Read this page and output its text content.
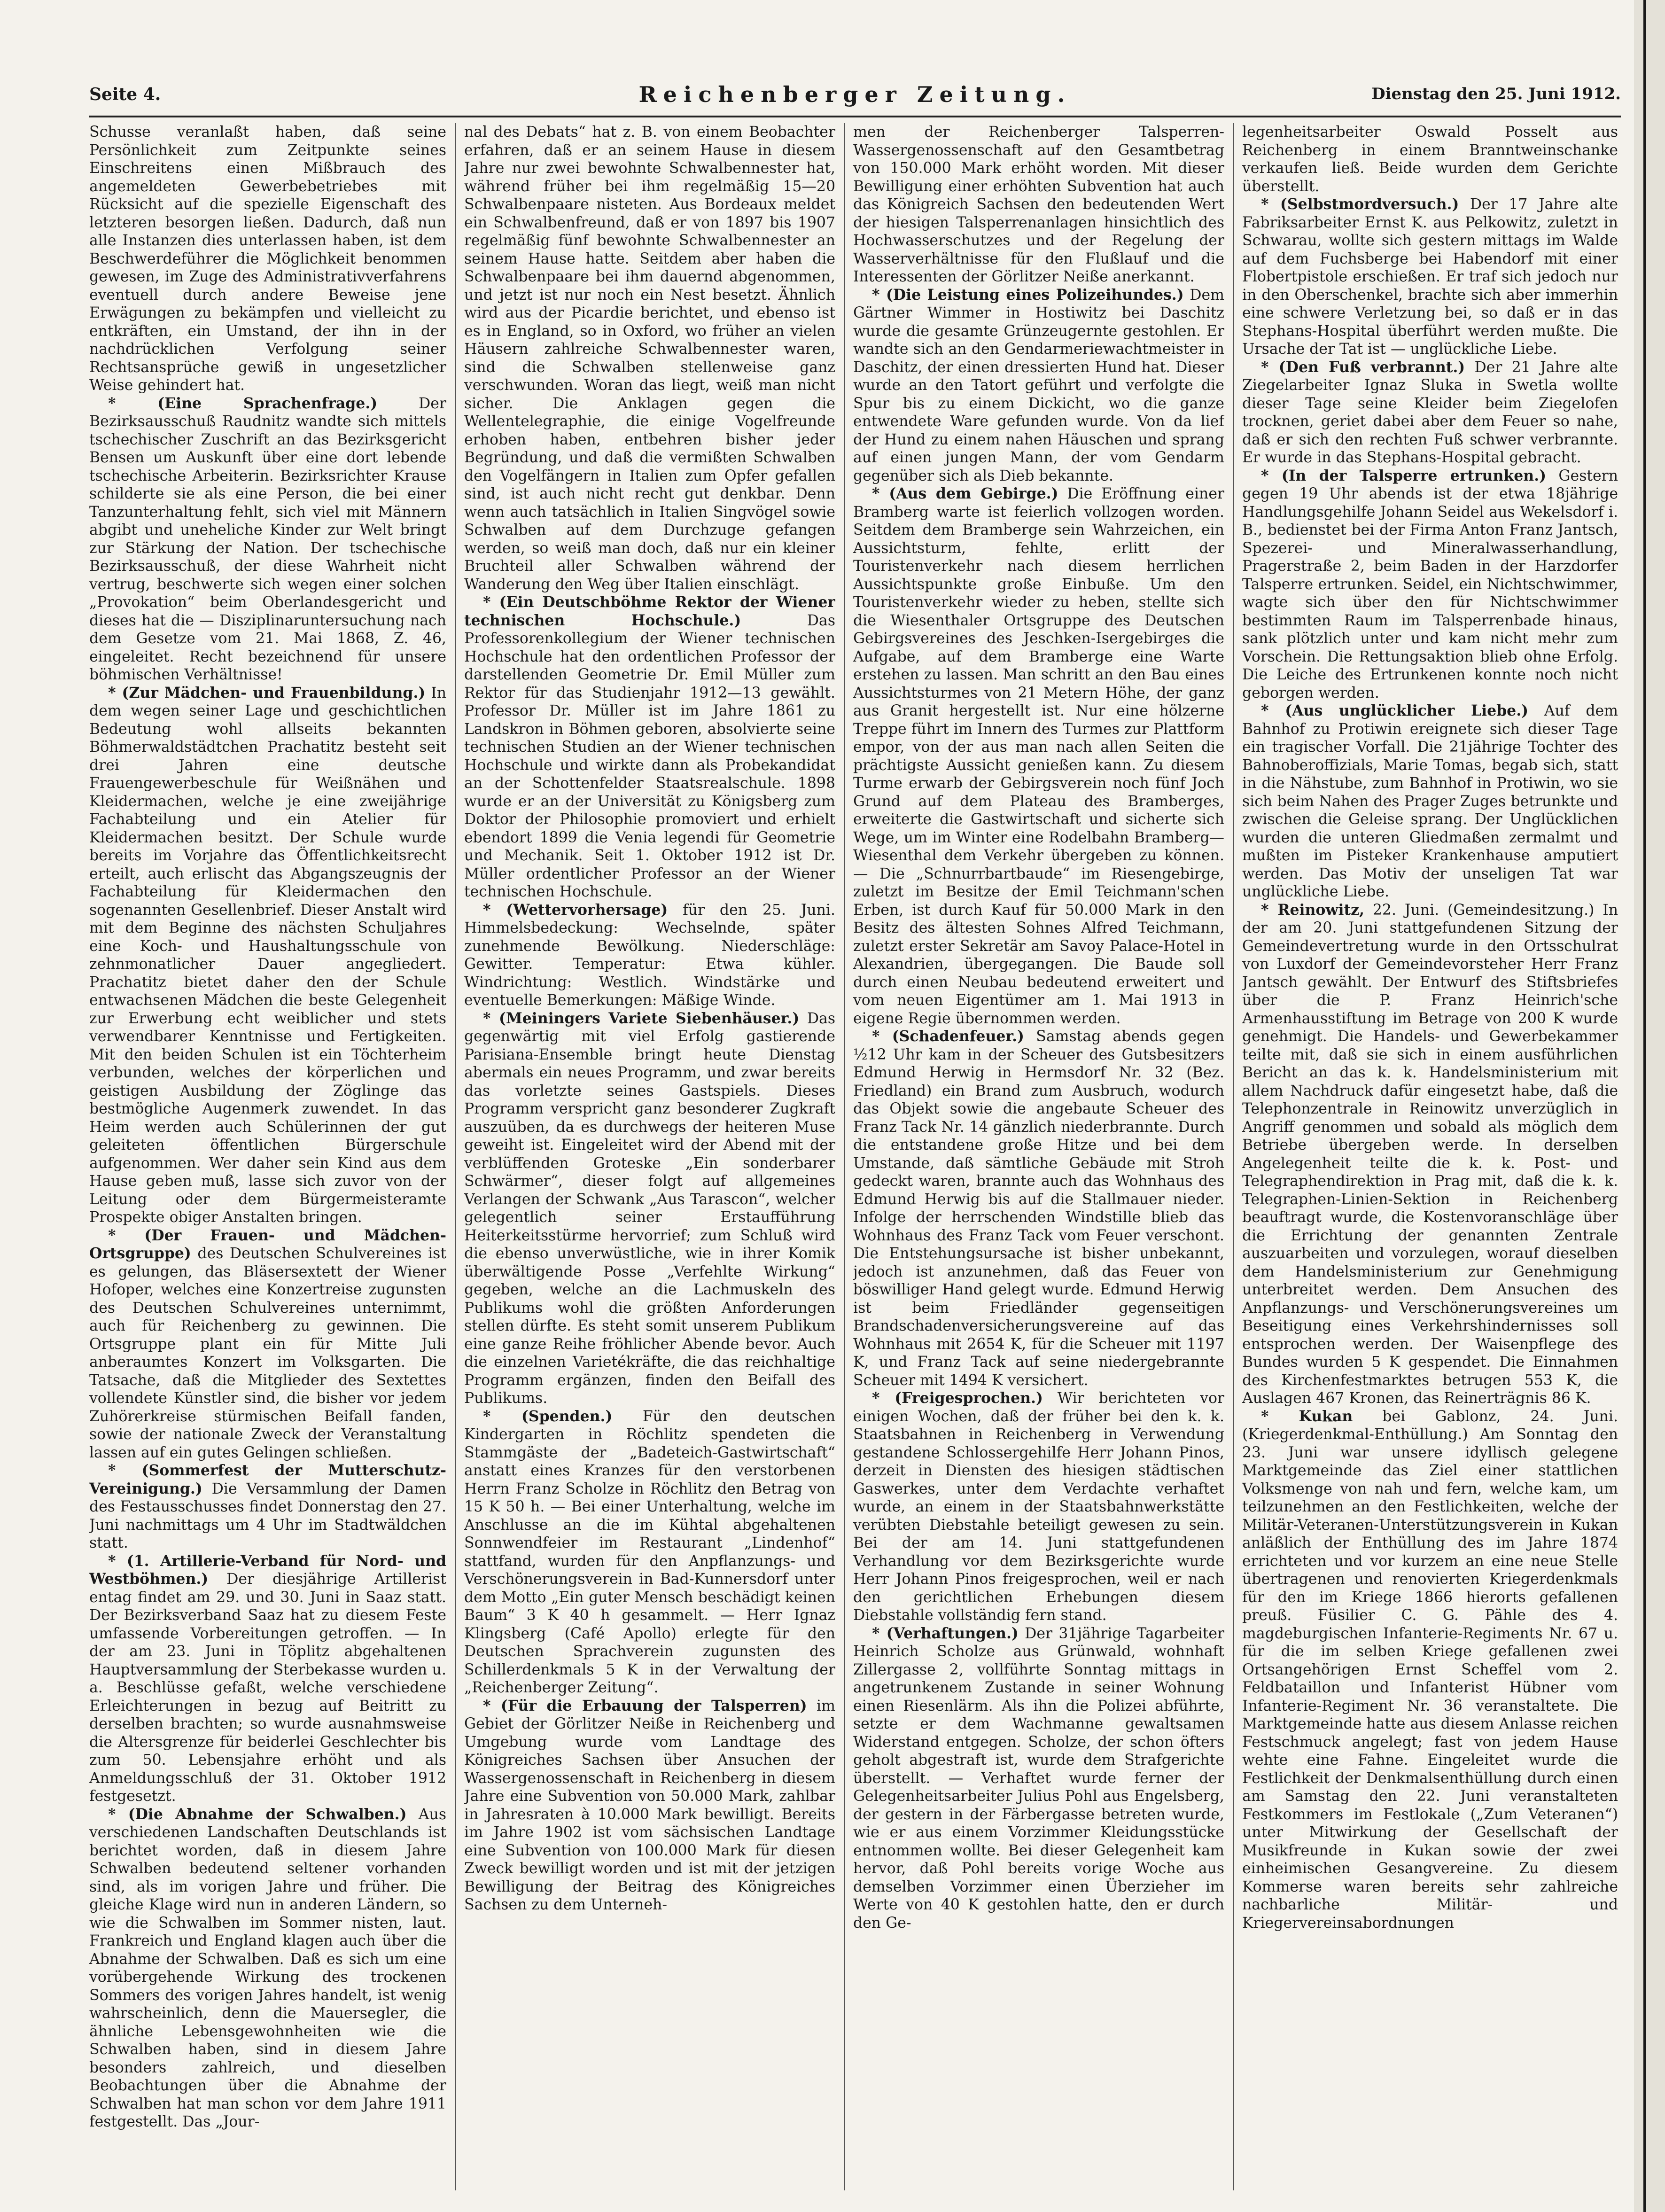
Seite 4.	Reichenberger Zeitung.	Dienstag den 25. Juni 1912.

Schusse veranlaßt haben, daß seine Persönlichkeit zum Zeitpunkte seines Einschreitens einen Mißbrauch des angemeldeten Gewerbebetriebes mit Rücksicht auf die spezielle Eigenschaft des letzteren besorgen ließen. Dadurch, daß nun alle Instanzen dies unterlassen haben, ist dem Beschwerdeführer die Möglichkeit benommen gewesen, im Zuge des Administrativverfahrens eventuell durch andere Beweise jene Erwägungen zu bekämpfen und vielleicht zu entkräften, ein Umstand, der ihn in der nachdrücklichen Verfolgung seiner Rechtsansprüche gewiß in ungesetzlicher Weise gehindert hat.

* (Eine Sprachenfrage.)	Der Bezirksausschuß Raudnitz wandte sich mittels tschechischer Zuschrift an das Bezirksgericht Bensen um Auskunft über eine dort lebende tschechische Arbeiterin. Bezirksrichter Krause schilderte sie als eine Person, die bei einer Tanzunterhaltung fehlt, sich viel mit Männern abgibt und uneheliche Kinder zur Welt bringt zur Stärkung der Nation. Der tschechische Bezirksausschuß, der diese Wahrheit nicht vertrug, beschwerte sich wegen einer solchen „Provokation“ beim Oberlandesgericht und dieses hat die — Disziplinaruntersuchung nach dem Gesetze vom 21. Mai 1868, Z. 46, eingeleitet. Recht bezeichnend für unsere böhmischen Verhältnisse!

* (Zur Mädchen- und Frauenbildung.) In dem wegen seiner Lage und geschichtlichen Bedeutung wohl allseits bekannten Böhmerwaldstädtchen Prachatitz besteht seit drei Jahren eine deutsche Frauengewerbeschule für Weißnähen und Kleidermachen, welche je eine zweijährige Fachabteilung und ein Atelier für Kleidermachen besitzt. Der Schule wurde bereits im Vorjahre das Öffentlichkeitsrecht erteilt, auch erlischt das Abgangszeugnis der Fachabteilung für Kleidermachen den sogenannten Gesellenbrief. Dieser Anstalt wird mit dem Beginne des nächsten Schuljahres eine Koch- und Haushaltungsschule von zehnmonatlicher Dauer angegliedert. Prachatitz bietet daher den der Schule entwachsenen Mädchen die beste Gelegenheit zur Erwerbung echt weiblicher und stets verwendbarer Kenntnisse und Fertigkeiten. Mit den beiden Schulen ist ein Töchterheim verbunden, welches der körperlichen und geistigen Ausbildung der Zöglinge das bestmögliche Augenmerk zuwendet. In das Heim werden auch Schülerinnen der gut geleiteten öffentlichen Bürgerschule aufgenommen. Wer daher sein Kind aus dem Hause geben muß, lasse sich zuvor von der Leitung oder dem Bürgermeisteramte Prospekte obiger Anstalten bringen.

* (Der Frauen- und Mädchen-Ortsgruppe) des Deutschen Schulvereines ist es gelungen, das Bläsersextett der Wiener Hofoper, welches eine Konzertreise zugunsten des Deutschen Schulvereines unternimmt, auch für Reichenberg zu gewinnen. Die Ortsgruppe plant ein für Mitte Juli anberaumtes Konzert im Volksgarten. Die Tatsache, daß die Mitglieder des Sextettes vollendete Künstler sind, die bisher vor jedem Zuhörerkreise stürmischen Beifall fanden, sowie der nationale Zweck der Veranstaltung lassen auf ein gutes Gelingen schließen.

* (Sommerfest der Mutterschutz-Vereinigung.) Die Versammlung der Damen des Festausschusses findet Donnerstag den 27. Juni nachmittags um 4 Uhr im Stadtwäldchen statt.

* (1. Artillerie-Verband für Nord- und Westböhmen.) Der diesjährige Artillerist entag findet am 29. und 30. Juni in Saaz statt. Der Bezirksverband Saaz hat zu diesem Feste umfassende Vorbereitungen getroffen. — In der am 23. Juni in Töplitz abgehaltenen Hauptversammlung der Sterbekasse wurden u. a. Beschlüsse gefaßt, welche verschiedene Erleichterungen in bezug auf Beitritt zu derselben brachten; so wurde ausnahmsweise die Altersgrenze für beiderlei Geschlechter bis zum 50. Lebensjahre erhöht und als Anmeldungsschluß der 31. Oktober 1912 festgesetzt.

* (Die Abnahme der Schwalben.) Aus verschiedenen Landschaften Deutschlands ist berichtet worden, daß in diesem Jahre Schwalben bedeutend seltener vorhanden sind, als im vorigen Jahre und früher. Die gleiche Klage wird nun in anderen Ländern, so wie die Schwalben im Sommer nisten, laut. Frankreich und England klagen auch über die Abnahme der Schwalben. Daß es sich um eine vorübergehende Wirkung des trockenen Sommers des vorigen Jahres handelt, ist wenig wahrscheinlich, denn die Mauersegler, die ähnliche Lebensgewohnheiten wie die Schwalben haben, sind in diesem Jahre besonders zahlreich, und dieselben Beobachtungen über die Abnahme der Schwalben hat man schon vor dem Jahre 1911 festgestellt. Das „Jour-

nal des Debats“ hat z. B. von einem Beobachter erfahren, daß er an seinem Hause in diesem Jahre nur zwei bewohnte Schwalbennester hat, während früher bei ihm regelmäßig 15—20 Schwalbenpaare nisteten. Aus Bordeaux meldet ein Schwalbenfreund, daß er von 1897 bis 1907 regelmäßig fünf bewohnte Schwalbennester an seinem Hause hatte. Seitdem aber haben die Schwalbenpaare bei ihm dauernd abgenommen, und jetzt ist nur noch ein Nest besetzt. Ähnlich wird aus der Picardie berichtet, und ebenso ist es in England, so in Oxford, wo früher an vielen Häusern zahlreiche Schwalbennester waren, sind die Schwalben stellenweise ganz verschwunden. Woran das liegt, weiß man nicht sicher. Die Anklagen gegen die Wellentelegraphie, die einige Vogelfreunde erhoben haben, entbehren bisher jeder Begründung, und daß die vermißten Schwalben den Vogelfängern in Italien zum Opfer gefallen sind, ist auch nicht recht gut denkbar. Denn wenn auch tatsächlich in Italien Singvögel sowie Schwalben auf dem Durchzuge gefangen werden, so weiß man doch, daß nur ein kleiner Bruchteil aller Schwalben während der Wanderung den Weg über Italien einschlägt.

* (Ein Deutschböhme Rektor der Wiener technischen Hochschule.)	Das Professorenkollegium der Wiener technischen Hochschule hat den ordentlichen Professor der darstellenden Geometrie Dr. Emil Müller zum Rektor für das Studienjahr 1912—13 gewählt. Professor Dr. Müller ist im Jahre 1861 zu Landskron in Böhmen geboren, absolvierte seine technischen Studien an der Wiener technischen Hochschule und wirkte dann als Probekandidat an der Schottenfelder Staatsrealschule. 1898 wurde er an der Universität zu Königsberg zum Doktor der Philosophie promoviert und erhielt ebendort 1899 die Venia legendi für Geometrie und Mechanik. Seit 1. Oktober 1912 ist Dr. Müller ordentlicher Professor an der Wiener technischen Hochschule.

* (Wettervorhersage) für den 25. Juni. Himmelsbedeckung: Wechselnde, später zunehmende Bewölkung. Niederschläge: Gewitter. Temperatur: Etwa kühler. Windrichtung: Westlich. Windstärke und eventuelle Bemerkungen: Mäßige Winde.

* (Meiningers Variete Siebenhäuser.) Das gegenwärtig mit viel Erfolg gastierende Parisiana-Ensemble bringt heute Dienstag abermals ein neues Programm, und zwar bereits das vorletzte seines Gastspiels. Dieses Programm verspricht ganz besonderer Zugkraft auszuüben, da es durchwegs der heiteren Muse geweiht ist. Eingeleitet wird der Abend mit der verblüffenden Groteske „Ein sonderbarer Schwärmer“, dieser folgt auf allgemeines Verlangen der Schwank „Aus Tarascon“, welcher gelegentlich seiner Erstaufführung Heiterkeitsstürme hervorrief; zum Schluß wird die ebenso unverwüstliche, wie in ihrer Komik überwältigende Posse „Verfehlte Wirkung“ gegeben, welche an die Lachmuskeln des Publikums wohl die größten Anforderungen stellen dürfte. Es steht somit unserem Publikum eine ganze Reihe fröhlicher Abende bevor. Auch die einzelnen Varietékräfte, die das reichhaltige Programm ergänzen, finden den Beifall des Publikums.

* (Spenden.) Für den deutschen Kindergarten in Röchlitz spendeten die Stammgäste der „Badeteich-Gastwirtschaft“ anstatt eines Kranzes für den verstorbenen Herrn Franz Scholze in Röchlitz den Betrag von 15 K 50 h. — Bei einer Unterhaltung, welche im Anschlusse an die im Kühtal abgehaltenen Sonnwendfeier im Restaurant „Lindenhof“ stattfand, wurden für den Anpflanzungs- und Verschönerungsverein in Bad-Kunnersdorf unter dem Motto „Ein guter Mensch beschädigt keinen Baum“ 3 K 40 h gesammelt. — Herr Ignaz Klingsberg (Café Apollo) erlegte für den Deutschen Sprachverein zugunsten des Schillerdenkmals 5 K in der Verwaltung der „Reichenberger Zeitung“.

* (Für die Erbauung der Talsperren) im Gebiet der Görlitzer Neiße in Reichenberg und Umgebung wurde vom Landtage des Königreiches Sachsen über Ansuchen der Wassergenossenschaft in Reichenberg in diesem Jahre eine Subvention von 50.000 Mark, zahlbar in Jahresraten à 10.000 Mark bewilligt. Bereits im Jahre 1902 ist vom sächsischen Landtage eine Subvention von 100.000 Mark für diesen Zweck bewilligt worden und ist mit der jetzigen Bewilligung der Beitrag des Königreiches Sachsen zu dem Unterneh-

men der Reichenberger Talsperren-Wassergenossenschaft auf den Gesamtbetrag von 150.000 Mark erhöht worden. Mit dieser Bewilligung einer erhöhten Subvention hat auch das Königreich Sachsen den bedeutenden Wert der hiesigen Talsperrenanlagen hinsichtlich des Hochwasserschutzes und der Regelung der Wasserverhältnisse für den Flußlauf und die Interessenten der Görlitzer Neiße anerkannt.

* (Die Leistung eines Polizeihundes.) Dem Gärtner Wimmer in Hostiwitz bei Daschitz wurde die gesamte Grünzeugernte gestohlen. Er wandte sich an den Gendarmeriewachtmeister in Daschitz, der einen dressierten Hund hat. Dieser wurde an den Tatort geführt und verfolgte die Spur bis zu einem Dickicht, wo die ganze entwendete Ware gefunden wurde. Von da lief der Hund zu einem nahen Häuschen und sprang auf einen jungen Mann, der vom Gendarm gegenüber sich als Dieb bekannte.

* (Aus dem Gebirge.) Die Eröffnung einer Bramberg warte ist feierlich vollzogen worden. Seitdem dem Bramberge sein Wahrzeichen, ein Aussichtsturm, fehlte, erlitt der Touristenverkehr nach diesem herrlichen Aussichtspunkte große Einbuße. Um den Touristenverkehr wieder zu heben, stellte sich die Wiesenthaler Ortsgruppe des Deutschen Gebirgsvereines des Jeschken-Isergebirges die Aufgabe, auf dem Bramberge eine Warte erstehen zu lassen. Man schritt an den Bau eines Aussichtsturmes von 21 Metern Höhe, der ganz aus Granit hergestellt ist. Nur eine hölzerne Treppe führt im Innern des Turmes zur Plattform empor, von der aus man nach allen Seiten die prächtigste Aussicht genießen kann. Zu diesem Turme erwarb der Gebirgsverein noch fünf Joch Grund auf dem Plateau des Bramberges, erweiterte die Gastwirtschaft und sicherte sich Wege, um im Winter eine Rodelbahn Bramberg—Wiesenthal dem Verkehr übergeben zu können. — Die „Schnurrbartbaude“ im Riesengebirge, zuletzt im Besitze der Emil Teichmann'schen Erben, ist durch Kauf für 50.000 Mark in den Besitz des ältesten Sohnes Alfred Teichmann, zuletzt erster Sekretär am Savoy Palace-Hotel in Alexandrien, übergegangen. Die Baude soll durch einen Neubau bedeutend erweitert und vom neuen Eigentümer am 1. Mai 1913 in eigene Regie übernommen werden.

* (Schadenfeuer.) Samstag abends gegen ½12 Uhr kam in der Scheuer des Gutsbesitzers Edmund Herwig in Hermsdorf Nr. 32 (Bez. Friedland) ein Brand zum Ausbruch, wodurch das Objekt sowie die angebaute Scheuer des Franz Tack Nr. 14 gänzlich niederbrannte. Durch die entstandene große Hitze und bei dem Umstande, daß sämtliche Gebäude mit Stroh gedeckt waren, brannte auch das Wohnhaus des Edmund Herwig bis auf die Stallmauer nieder. Infolge der herrschenden Windstille blieb das Wohnhaus des Franz Tack vom Feuer verschont. Die Entstehungsursache ist bisher unbekannt, jedoch ist anzunehmen, daß das Feuer von böswilliger Hand gelegt wurde. Edmund Herwig ist beim Friedländer gegenseitigen Brandschadenversicherungsvereine auf das Wohnhaus mit 2654 K, für die Scheuer mit 1197 K, und Franz Tack auf seine niedergebrannte Scheuer mit 1494 K versichert.

* (Freigesprochen.) Wir berichteten vor einigen Wochen, daß der früher bei den k. k. Staatsbahnen in Reichenberg in Verwendung gestandene Schlossergehilfe Herr Johann Pinos, derzeit in Diensten des hiesigen städtischen Gaswerkes, unter dem Verdachte verhaftet wurde, an einem in der Staatsbahnwerkstätte verübten Diebstahle beteiligt gewesen zu sein. Bei der am 14. Juni stattgefundenen Verhandlung vor dem Bezirksgerichte wurde Herr Johann Pinos freigesprochen, weil er nach den gerichtlichen Erhebungen diesem Diebstahle vollständig fern stand.

* (Verhaftungen.) Der 31jährige Tagarbeiter Heinrich Scholze aus Grünwald, wohnhaft Zillergasse 2, vollführte Sonntag mittags in angetrunkenem Zustande in seiner Wohnung einen Riesenlärm. Als ihn die Polizei abführte, setzte er dem Wachmanne gewaltsamen Widerstand entgegen. Scholze, der schon öfters geholt abgestraft ist, wurde dem Strafgerichte überstellt. — Verhaftet wurde ferner der Gelegenheitsarbeiter Julius Pohl aus Engelsberg, der gestern in der Färbergasse betreten wurde, wie er aus einem Vorzimmer Kleidungsstücke entnommen wollte. Bei dieser Gelegenheit kam hervor, daß Pohl bereits vorige Woche aus demselben Vorzimmer einen Überzieher im Werte von 40 K gestohlen hatte, den er durch den Ge-

legenheitsarbeiter Oswald Posselt aus Reichenberg in einem Branntweinschanke verkaufen ließ. Beide wurden dem Gerichte überstellt.

* (Selbstmordversuch.) Der 17 Jahre alte Fabriksarbeiter Ernst K. aus Pelkowitz, zuletzt in Schwarau, wollte sich gestern mittags im Walde auf dem Fuchsberge bei Habendorf mit einer Flobertpistole erschießen. Er traf sich jedoch nur in den Oberschenkel, brachte sich aber immerhin eine schwere Verletzung bei, so daß er in das Stephans-Hospital überführt werden mußte. Die Ursache der Tat ist — unglückliche Liebe.

* (Den Fuß verbrannt.) Der 21 Jahre alte Ziegelarbeiter Ignaz Sluka in Swetla wollte dieser Tage seine Kleider beim Ziegelofen trocknen, geriet dabei aber dem Feuer so nahe, daß er sich den rechten Fuß schwer verbrannte. Er wurde in das Stephans-Hospital gebracht.

* (In der Talsperre ertrunken.) Gestern gegen 19 Uhr abends ist der etwa 18jährige Handlungsgehilfe Johann Seidel aus Wekelsdorf i. B., bedienstet bei der Firma Anton Franz Jantsch, Spezerei- und Mineralwasserhandlung, Pragerstraße 2, beim Baden in der Harzdorfer Talsperre ertrunken. Seidel, ein Nichtschwimmer, wagte sich über den für Nichtschwimmer bestimmten Raum im Talsperrenbade hinaus, sank plötzlich unter und kam nicht mehr zum Vorschein. Die Rettungsaktion blieb ohne Erfolg. Die Leiche des Ertrunkenen konnte noch nicht geborgen werden.

* (Aus unglücklicher Liebe.) Auf dem Bahnhof zu Protiwin ereignete sich dieser Tage ein tragischer Vorfall. Die 21jährige Tochter des Bahnoberoffizials, Marie Tomas, begab sich, statt in die Nähstube, zum Bahnhof in Protiwin, wo sie sich beim Nahen des Prager Zuges betrunkte und zwischen die Geleise sprang. Der Unglücklichen wurden die unteren Gliedmaßen zermalmt und mußten im Pisteker Krankenhause amputiert werden. Das Motiv der unseligen Tat war unglückliche Liebe.

* Reinowitz, 22. Juni. (Gemeindesitzung.) In der am 20. Juni stattgefundenen Sitzung der Gemeindevertretung wurde in den Ortsschulrat von Luxdorf der Gemeindevorsteher Herr Franz Jantsch gewählt. Der Entwurf des Stiftsbriefes über die P. Franz Heinrich'sche Armenhausstiftung im Betrage von 200 K wurde genehmigt. Die Handels- und Gewerbekammer teilte mit, daß sie sich in einem ausführlichen Bericht an das k. k. Handelsministerium mit allem Nachdruck dafür eingesetzt habe, daß die Telephonzentrale in Reinowitz unverzüglich in Angriff genommen und sobald als möglich dem Betriebe übergeben werde. In derselben Angelegenheit teilte die k. k. Post- und Telegraphendirektion in Prag mit, daß die k. k. Telegraphen-Linien-Sektion in Reichenberg beauftragt wurde, die Kostenvoranschläge über die Errichtung der genannten Zentrale auszuarbeiten und vorzulegen, worauf dieselben dem Handelsministerium zur Genehmigung unterbreitet werden. Dem Ansuchen des Anpflanzungs- und Verschönerungsvereines um Beseitigung eines Verkehrshindernisses soll entsprochen werden. Der Waisenpflege des Bundes wurden 5 K gespendet. Die Einnahmen des Kirchenfestmarktes betrugen 553 K, die Auslagen 467 Kronen, das Reinerträgnis 86 K.

* Kukan bei Gablonz, 24. Juni. (Kriegerdenkmal-Enthüllung.) Am Sonntag den 23. Juni war unsere idyllisch gelegene Marktgemeinde das Ziel einer stattlichen Volksmenge von nah und fern, welche kam, um teilzunehmen an den Festlichkeiten, welche der Militär-Veteranen-Unterstützungsverein in Kukan anläßlich der Enthüllung des im Jahre 1874 errichteten und vor kurzem an eine neue Stelle übertragenen und renovierten Kriegerdenkmals für den im Kriege 1866 hierorts gefallenen preuß. Füsilier C. G. Pähle des 4. magdeburgischen Infanterie-Regiments Nr. 67 u. für die im selben Kriege gefallenen zwei Ortsangehörigen Ernst Scheffel vom 2. Feldbataillon und Infanterist Hübner vom Infanterie-Regiment Nr. 36 veranstaltete. Die Marktgemeinde hatte aus diesem Anlasse reichen Festschmuck angelegt; fast von jedem Hause wehte eine Fahne. Eingeleitet wurde die Festlichkeit der Denkmalsenthüllung durch einen am Samstag den 22. Juni veranstalteten Festkommers im Festlokale („Zum Veteranen“) unter Mitwirkung der Gesellschaft der Musikfreunde in Kukan sowie der zwei einheimischen Gesangvereine. Zu diesem Kommerse waren bereits sehr zahlreiche nachbarliche Militär- und Kriegervereinsabordnungen
